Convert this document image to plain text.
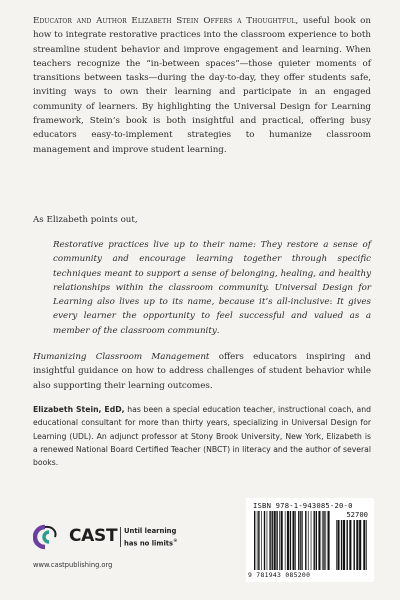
Educator and Author Elizabeth Stein Offers a Thoughtful, useful book on how to integrate restorative practices into the classroom experience to both streamline student behavior and improve engagement and learning. When teachers recognize the “in-between spaces”—those quieter moments of transitions between tasks—during the day-to-day, they offer students safe, inviting ways to own their learning and participate in an engaged community of learners. By highlighting the Universal Design for Learning framework, Stein’s book is both insightful and practical, offering busy educators easy-to-implement strategies to humanize classroom management and improve student learning.

As Elizabeth points out,

Restorative practices live up to their name: They restore a sense of community and encourage learning together through specific techniques meant to support a sense of belonging, healing, and healthy relationships within the classroom community. Universal Design for Learning also lives up to its name, because it’s all-inclusive: It gives every learner the opportunity to feel successful and valued as a member of the classroom community.

Humanizing Classroom Management offers educators inspiring and insightful guidance on how to address challenges of student behavior while also supporting their learning outcomes.

Elizabeth Stein, EdD, has been a special education teacher, instructional coach, and educational consultant for more than thirty years, specializing in Universal Design for Learning (UDL). An adjunct professor at Stony Brook University, New York, Elizabeth is a renewed National Board Certified Teacher (NBCT) in literacy and the author of several books.

CAST Until learning
has no limits®
www.castpublishing.org
ISBN 978-1-943085-20-0
52700
9 781943 085200
